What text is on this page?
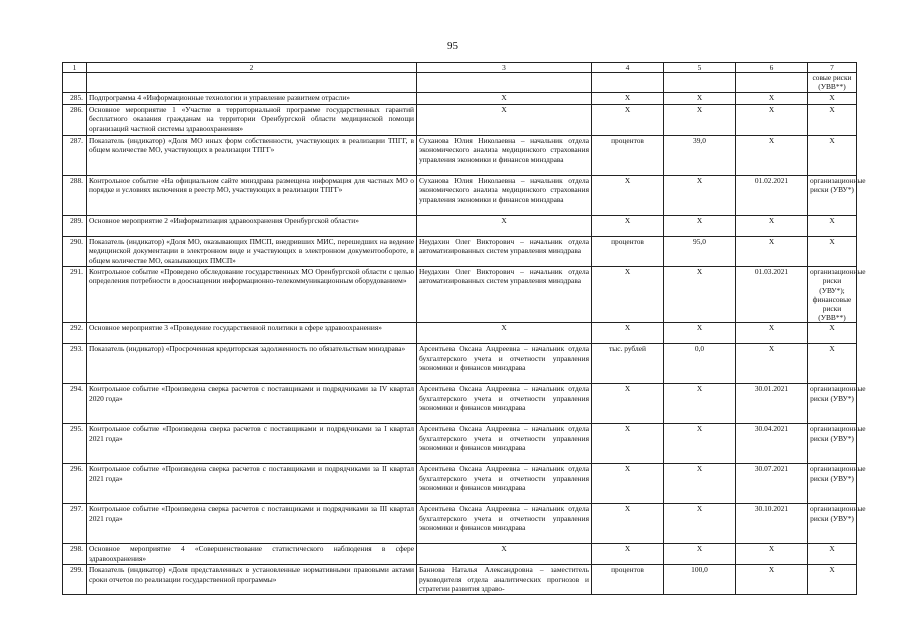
95
1	2	3	4	5	6	7
						совые риски (УВВ**)
285.	Подпрограмма 4 «Информационные технологии и управление развитием отрасли»	Х	Х	Х	Х	Х
286.	Основное мероприятие 1 «Участие в территориальной программе государственных гарантий бесплатного оказания гражданам на территории Оренбургской области медицинской помощи организаций частной системы здравоохранения»	Х	Х	Х	Х	Х
287.	Показатель (индикатор) «Доля МО иных форм собственности, участвующих в реализации ТПГГ, в общем количестве МО, участвующих в реализации ТПГГ»	Суханова Юлия Николаевна – начальник отдела экономического анализа медицинского страхования управления экономики и финансов минздрава	процентов	39,0	Х	Х
288.	Контрольное событие «На официальном сайте минздрава размещена информация для частных МО о порядке и условиях включения в реестр МО, участвующих в реализации ТПГГ»	Суханова Юлия Николаевна – начальник отдела экономического анализа медицинского страхования управления экономики и финансов минздрава	Х	Х	01.02.2021	организационные риски (УВУ*)
289.	Основное мероприятие 2 «Информатизация здравоохранения Оренбургской области»	Х	Х	Х	Х	Х
290.	Показатель (индикатор) «Доля МО, оказывающих ПМСП, внедривших МИС, перешедших на ведение медицинской документации в электронном виде и участвующих в электронном документообороте, в общем количестве МО, оказывающих ПМСП»	Неудахин Олег Викторович – начальник отдела автоматизированных систем управления минздрава	процентов	95,0	Х	Х
291.	Контрольное событие «Проведено обследование государственных МО Оренбургской области с целью определения потребности в дооснащении информационно-телекоммуникационным оборудованием»	Неудахин Олег Викторович – начальник отдела автоматизированных систем управления минздрава	Х	Х	01.03.2021	организационные риски (УВУ*); финансовые риски (УВВ**)
292.	Основное мероприятие 3 «Проведение государственной политики в сфере здравоохранения»	Х	Х	Х	Х	Х
293.	Показатель (индикатор) «Просроченная кредиторская задолженность по обязательствам минздрава»	Арсентьева Оксана Андреевна – начальник отдела бухгалтерского учета и отчетности управления экономики и финансов минздрава	тыс. рублей	0,0	Х	Х
294.	Контрольное событие «Произведена сверка расчетов с поставщиками и подрядчиками за IV квартал 2020 года»	Арсентьева Оксана Андреевна – начальник отдела бухгалтерского учета и отчетности управления экономики и финансов минздрава	Х	Х	30.01.2021	организационные риски (УВУ*)
295.	Контрольное событие «Произведена сверка расчетов с поставщиками и подрядчиками за I квартал 2021 года»	Арсентьева Оксана Андреевна – начальник отдела бухгалтерского учета и отчетности управления экономики и финансов минздрава	Х	Х	30.04.2021	организационные риски (УВУ*)
296.	Контрольное событие «Произведена сверка расчетов с поставщиками и подрядчиками за II квартал 2021 года»	Арсентьева Оксана Андреевна – начальник отдела бухгалтерского учета и отчетности управления экономики и финансов минздрава	Х	Х	30.07.2021	организационные риски (УВУ*)
297.	Контрольное событие «Произведена сверка расчетов с поставщиками и подрядчиками за III квартал 2021 года»	Арсентьева Оксана Андреевна – начальник отдела бухгалтерского учета и отчетности управления экономики и финансов минздрава	Х	Х	30.10.2021	организационные риски (УВУ*)
298.	Основное мероприятие 4 «Совершенствование статистического наблюдения в сфере здравоохранения»	Х	Х	Х	Х	Х
299.	Показатель (индикатор) «Доля представленных в установленные нормативными правовыми актами сроки отчетов по реализации государственной программы»	Баннова Наталья Александровна – заместитель руководителя отдела аналитических прогнозов и стратегии развития здраво-	процентов	100,0	Х	Х
